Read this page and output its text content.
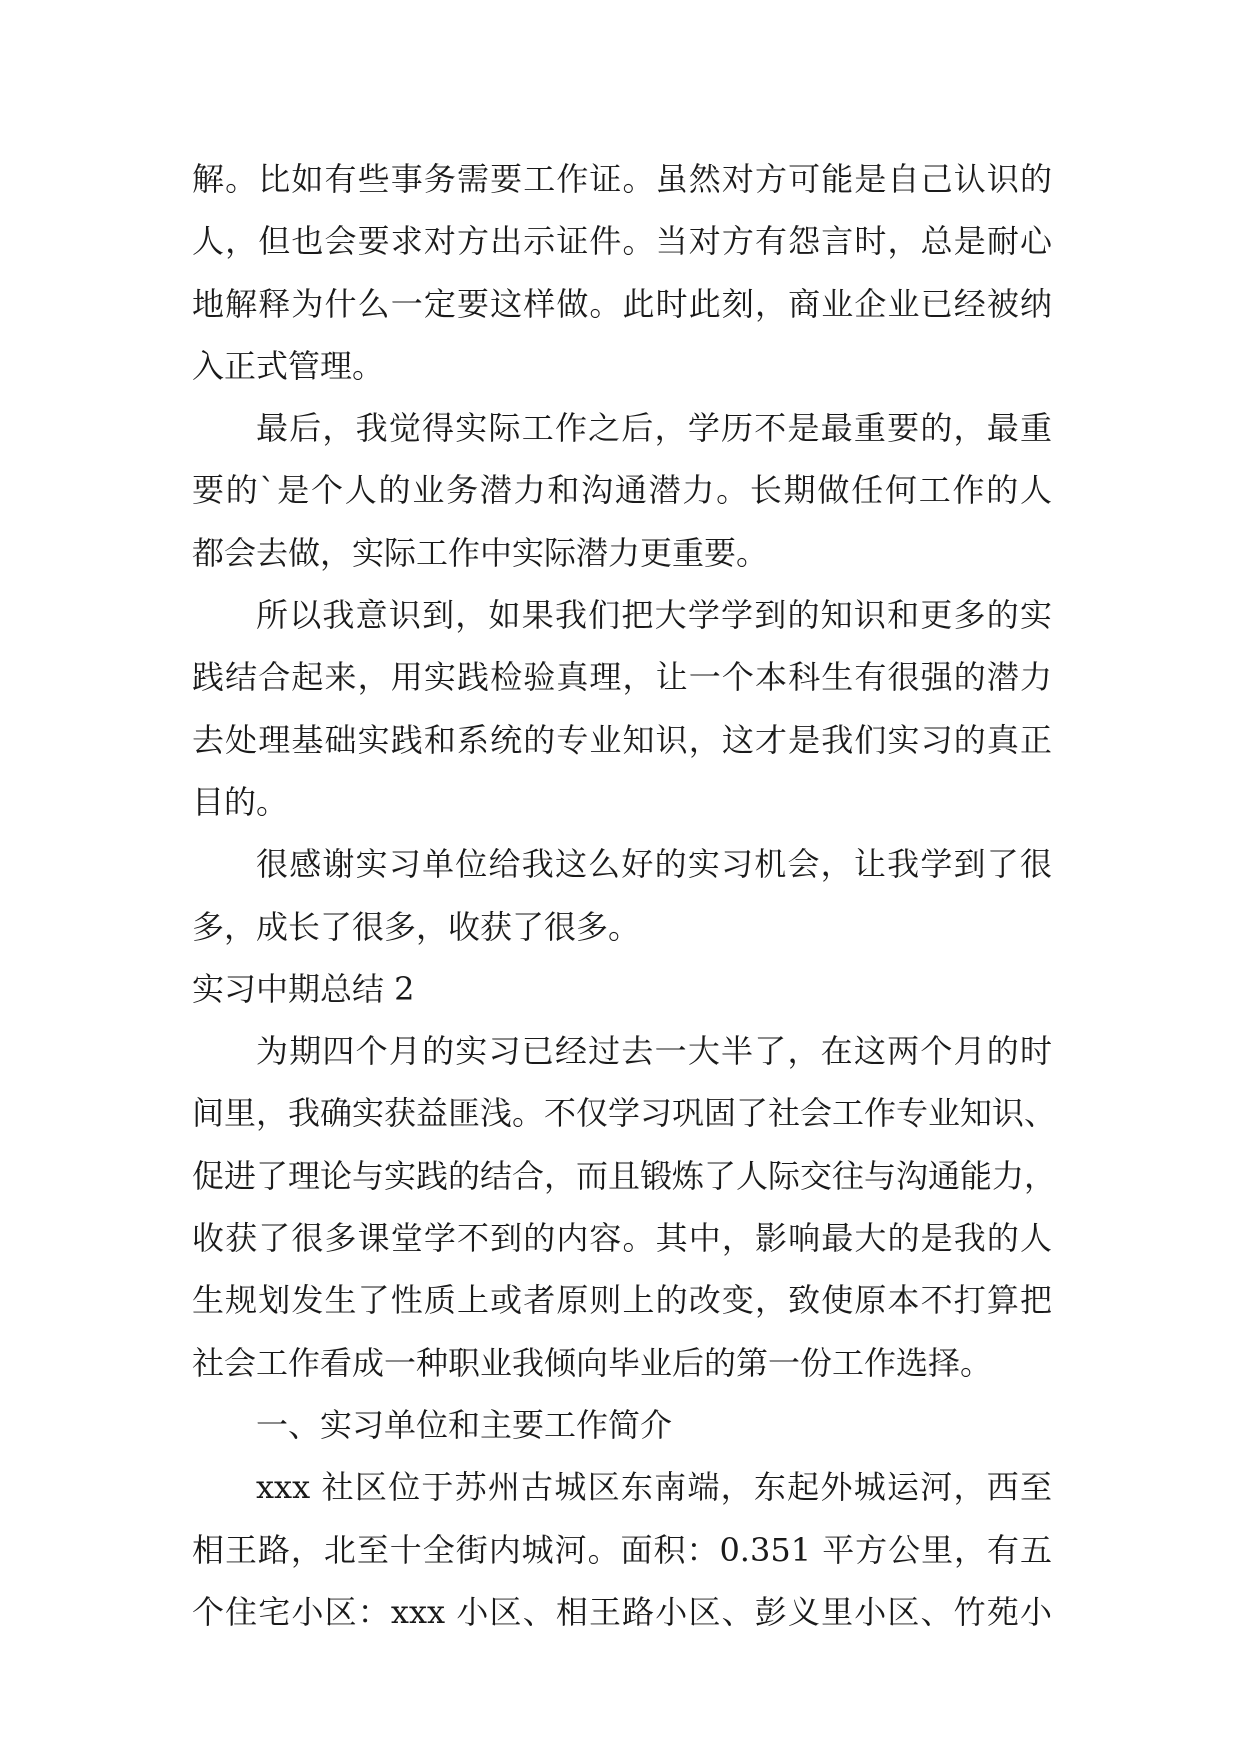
解。比如有些事务需要工作证。虽然对方可能是自己认识的
人，但也会要求对方出示证件。当对方有怨言时，总是耐心
地解释为什么一定要这样做。此时此刻，商业企业已经被纳
入正式管理。
最后，我觉得实际工作之后，学历不是最重要的，最重
要的`是个人的业务潜力和沟通潜力。长期做任何工作的人
都会去做，实际工作中实际潜力更重要。
所以我意识到，如果我们把大学学到的知识和更多的实
践结合起来，用实践检验真理，让一个本科生有很强的潜力
去处理基础实践和系统的专业知识，这才是我们实习的真正
目的。
很感谢实习单位给我这么好的实习机会，让我学到了很
多，成长了很多，收获了很多。
实习中期总结 2
为期四个月的实习已经过去一大半了，在这两个月的时
间里，我确实获益匪浅。不仅学习巩固了社会工作专业知识、
促进了理论与实践的结合，而且锻炼了人际交往与沟通能力，
收获了很多课堂学不到的内容。其中，影响最大的是我的人
生规划发生了性质上或者原则上的改变，致使原本不打算把
社会工作看成一种职业我倾向毕业后的第一份工作选择。
一、实习单位和主要工作简介
xxx 社区位于苏州古城区东南端，东起外城运河，西至
相王路，北至十全街内城河。面积：0.351 平方公里，有五
个住宅小区：xxx 小区、相王路小区、彭义里小区、竹苑小
